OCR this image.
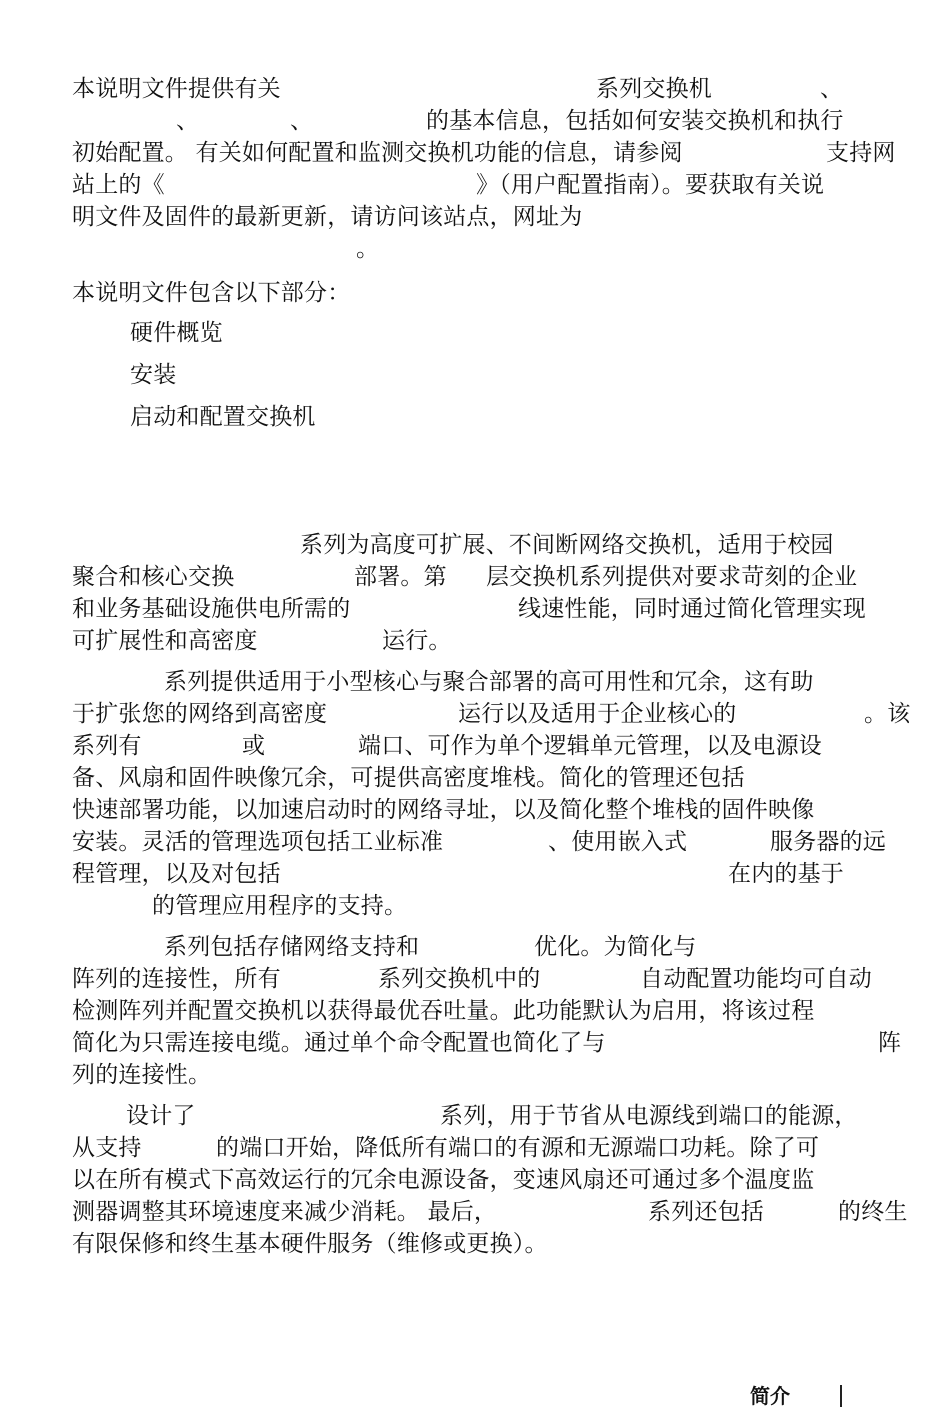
本说明文件提供有关	系列交换机	、
、	、	的基本信息，包括如何安装交换机和执行
初始配置。 有关如何配置和监测交换机功能的信息，请参阅	支持网
站上的《	》（用户配置指南）。要获取有关说
明文件及固件的最新更新，请访问该站点，网址为
。
本说明文件包含以下部分：
硬件概览
安装
启动和配置交换机
系列为高度可扩展、不间断网络交换机，适用于校园
聚合和核心交换	部署。第 层交换机系列提供对要求苛刻的企业
和业务基础设施供电所需的	线速性能，同时通过简化管理实现
可扩展性和高密度	运行。
系列提供适用于小型核心与聚合部署的高可用性和冗余，这有助
于扩张您的网络到高密度	运行以及适用于企业核心的	。该
系列有	或	端口、可作为单个逻辑单元管理，以及电源设
备、风扇和固件映像冗余，可提供高密度堆栈。简化的管理还包括
快速部署功能，以加速启动时的网络寻址，以及简化整个堆栈的固件映像
安装。灵活的管理选项包括工业标准	、使用嵌入式	服务器的远
程管理，以及对包括	在内的基于
的管理应用程序的支持。
系列包括存储网络支持和	优化。为简化与
阵列的连接性，所有	系列交换机中的	自动配置功能均可自动
检测阵列并配置交换机以获得最优吞吐量。此功能默认为启用，将该过程
简化为只需连接电缆。通过单个命令配置也简化了与	阵
列的连接性。
设计了	系列，用于节省从电源线到端口的能源，
从支持	的端口开始，降低所有端口的有源和无源端口功耗。除了可
以在所有模式下高效运行的冗余电源设备，变速风扇还可通过多个温度监
测器调整其环境速度来减少消耗。 最后，	系列还包括	的终生
有限保修和终生基本硬件服务（维修或更换）。
简介
